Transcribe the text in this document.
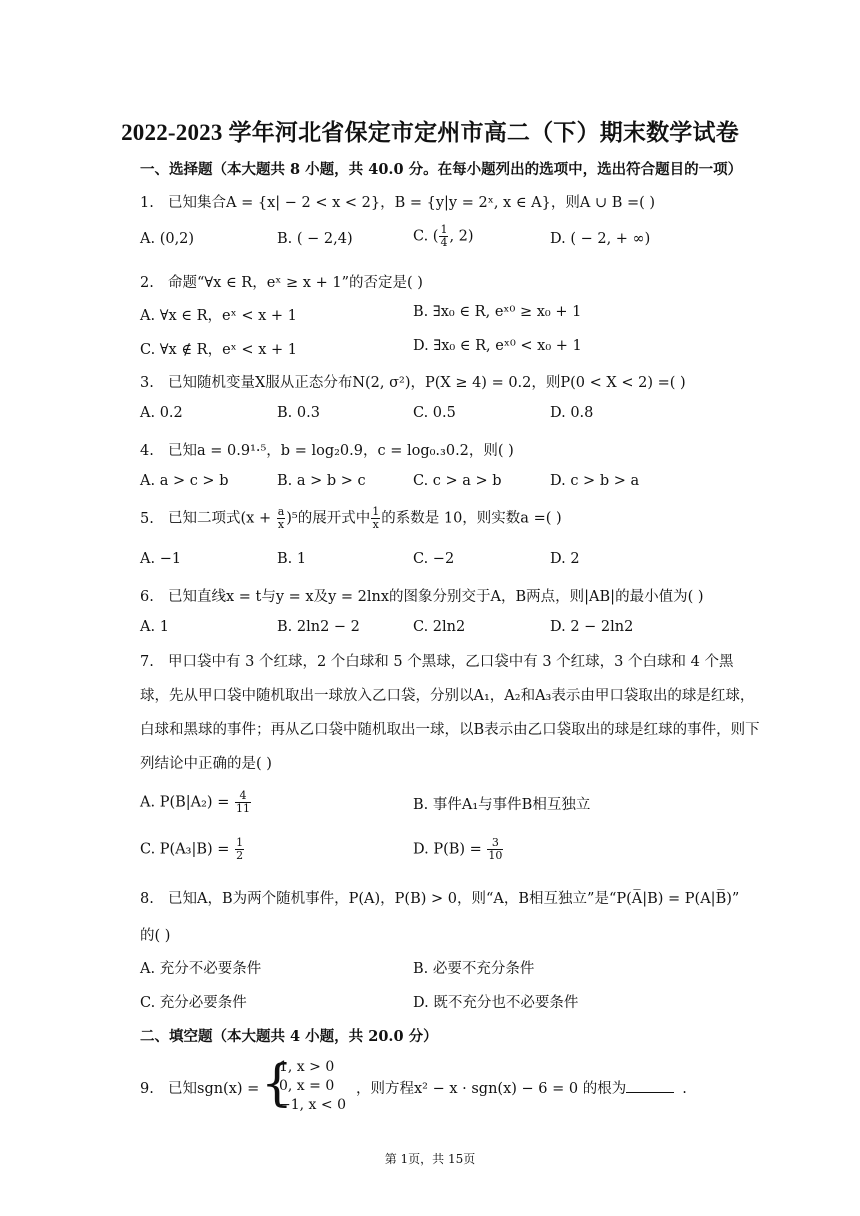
2022-2023 学年河北省保定市定州市高二（下）期末数学试卷
一、选择题（本大题共 8 小题，共 40.0 分。在每小题列出的选项中，选出符合题目的一项）
1. 已知集合A = {x| − 2 < x < 2}，B = {y|y = 2ˣ, x ∈ A}，则A ∪ B =( )
A. (0,2)	B. ( − 2,4)	C. ( $\frac{1}{4}$ , 2)	D. ( − 2, + ∞)
2. 命题“∀x ∈ R，eˣ ≥ x + 1”的否定是( )
A. ∀x ∈ R，eˣ < x + 1	B. ∃x₀ ∈ R, eˣ⁰ ≥ x₀ + 1
C. ∀x ∉ R，eˣ < x + 1	D. ∃x₀ ∈ R, eˣ⁰ < x₀ + 1
3. 已知随机变量X服从正态分布N(2, σ²)，P(X ≥ 4) = 0.2，则P(0 < X < 2) =( )
A. 0.2	B. 0.3	C. 0.5	D. 0.8
4. 已知a = 0.9¹·⁵，b = log₂0.9，c = log₀.₃0.2，则( )
A. a > c > b	B. a > b > c	C. c > a > b	D. c > b > a
5. 已知二项式$(x + \frac{a}{x} )^5$的展开式中 $\frac{1}{x}$ 的系数是 10，则实数a =( )
A. −1	B. 1	C. −2	D. 2
6. 已知直线x = t与y = x及y = 2lnx的图象分别交于A，B两点，则|AB|的最小值为( )
A. 1	B. 2ln2 − 2	C. 2ln2	D. 2 − 2ln2
7. 甲口袋中有 3 个红球，2 个白球和 5 个黑球，乙口袋中有 3 个红球，3 个白球和 4 个黑球，先从甲口袋中随机取出一球放入乙口袋，分别以A₁，A₂和A₃表示由甲口袋取出的球是红球，白球和黑球的事件；再从乙口袋中随机取出一球，以B表示由乙口袋取出的球是红球的事件，则下列结论中正确的是( )
A. $P(B|A_2) = \frac{4}{11}$	B. 事件A₁与事件B相互独立
C. $P(A_3|B) = \frac{1}{2}$	D. $P(B) = \frac{3}{10}$
8. 已知A，B为两个随机事件，P(A)，P(B) > 0，则“A，B相互独立”是“P(A̅|B) = P(A|B̅)”
的( )
A. 充分不必要条件	B. 必要不充分条件
C. 充分必要条件	D. 既不充分也不必要条件
二、填空题（本大题共 4 小题，共 20.0 分）
9. 已知sgn(x) = {
1, x > 0
0, x = 0
−1, x < 0
，则方程x² − x · sgn(x) − 6 = 0 的根为	.
第 1页，共 15页
